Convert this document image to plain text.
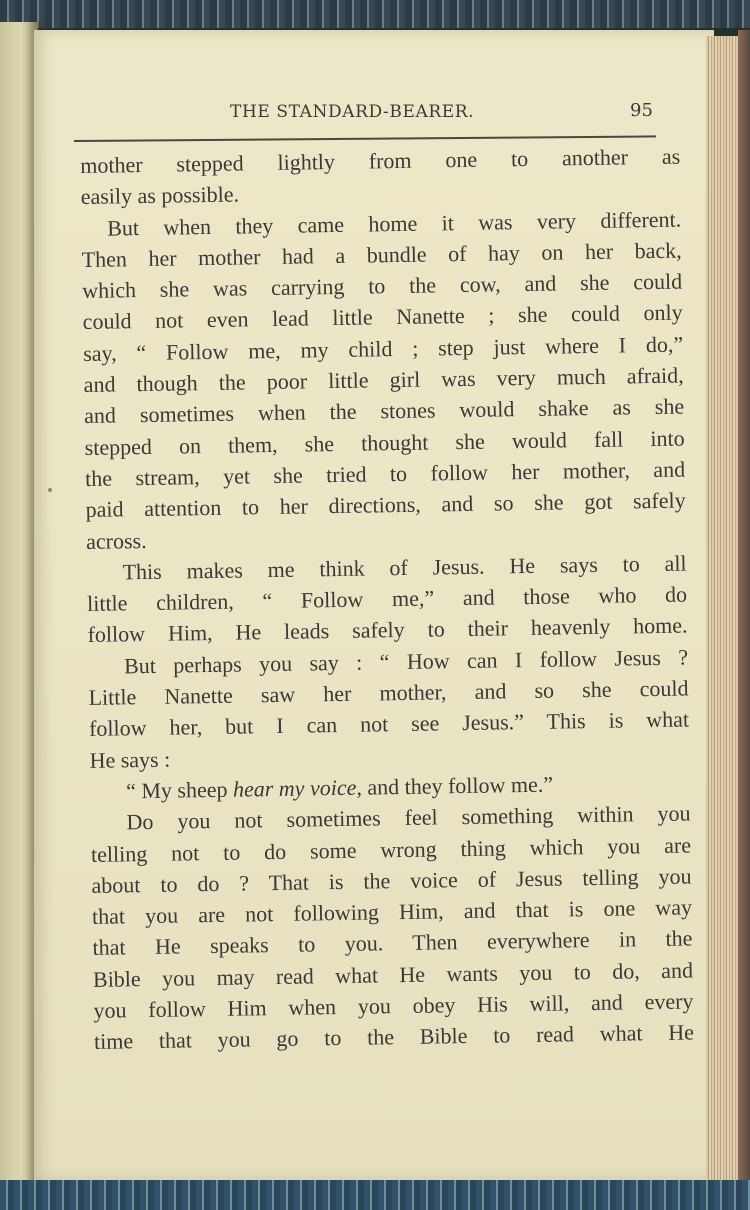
THE STANDARD-BEARER.	95
mother stepped lightly from one to another as
easily as possible.
But when they came home it was very different.
Then her mother had a bundle of hay on her back,
which she was carrying to the cow, and she could
could not even lead little Nanette ; she could only
say, “ Follow me, my child ; step just where I do,”
and though the poor little girl was very much afraid,
and sometimes when the stones would shake as she
stepped on them, she thought she would fall into
the stream, yet she tried to follow her mother, and
paid attention to her directions, and so she got safely
across.
This makes me think of Jesus. He says to all
little children, “ Follow me,” and those who do
follow Him, He leads safely to their heavenly home.
But perhaps you say : “ How can I follow Jesus ?
Little Nanette saw her mother, and so she could
follow her, but I can not see Jesus.” This is what
He says :
“ My sheep hear my voice, and they follow me.”
Do you not sometimes feel something within you
telling not to do some wrong thing which you are
about to do ? That is the voice of Jesus telling you
that you are not following Him, and that is one way
that He speaks to you. Then everywhere in the
Bible you may read what He wants you to do, and
you follow Him when you obey His will, and every
time that you go to the Bible to read what He
